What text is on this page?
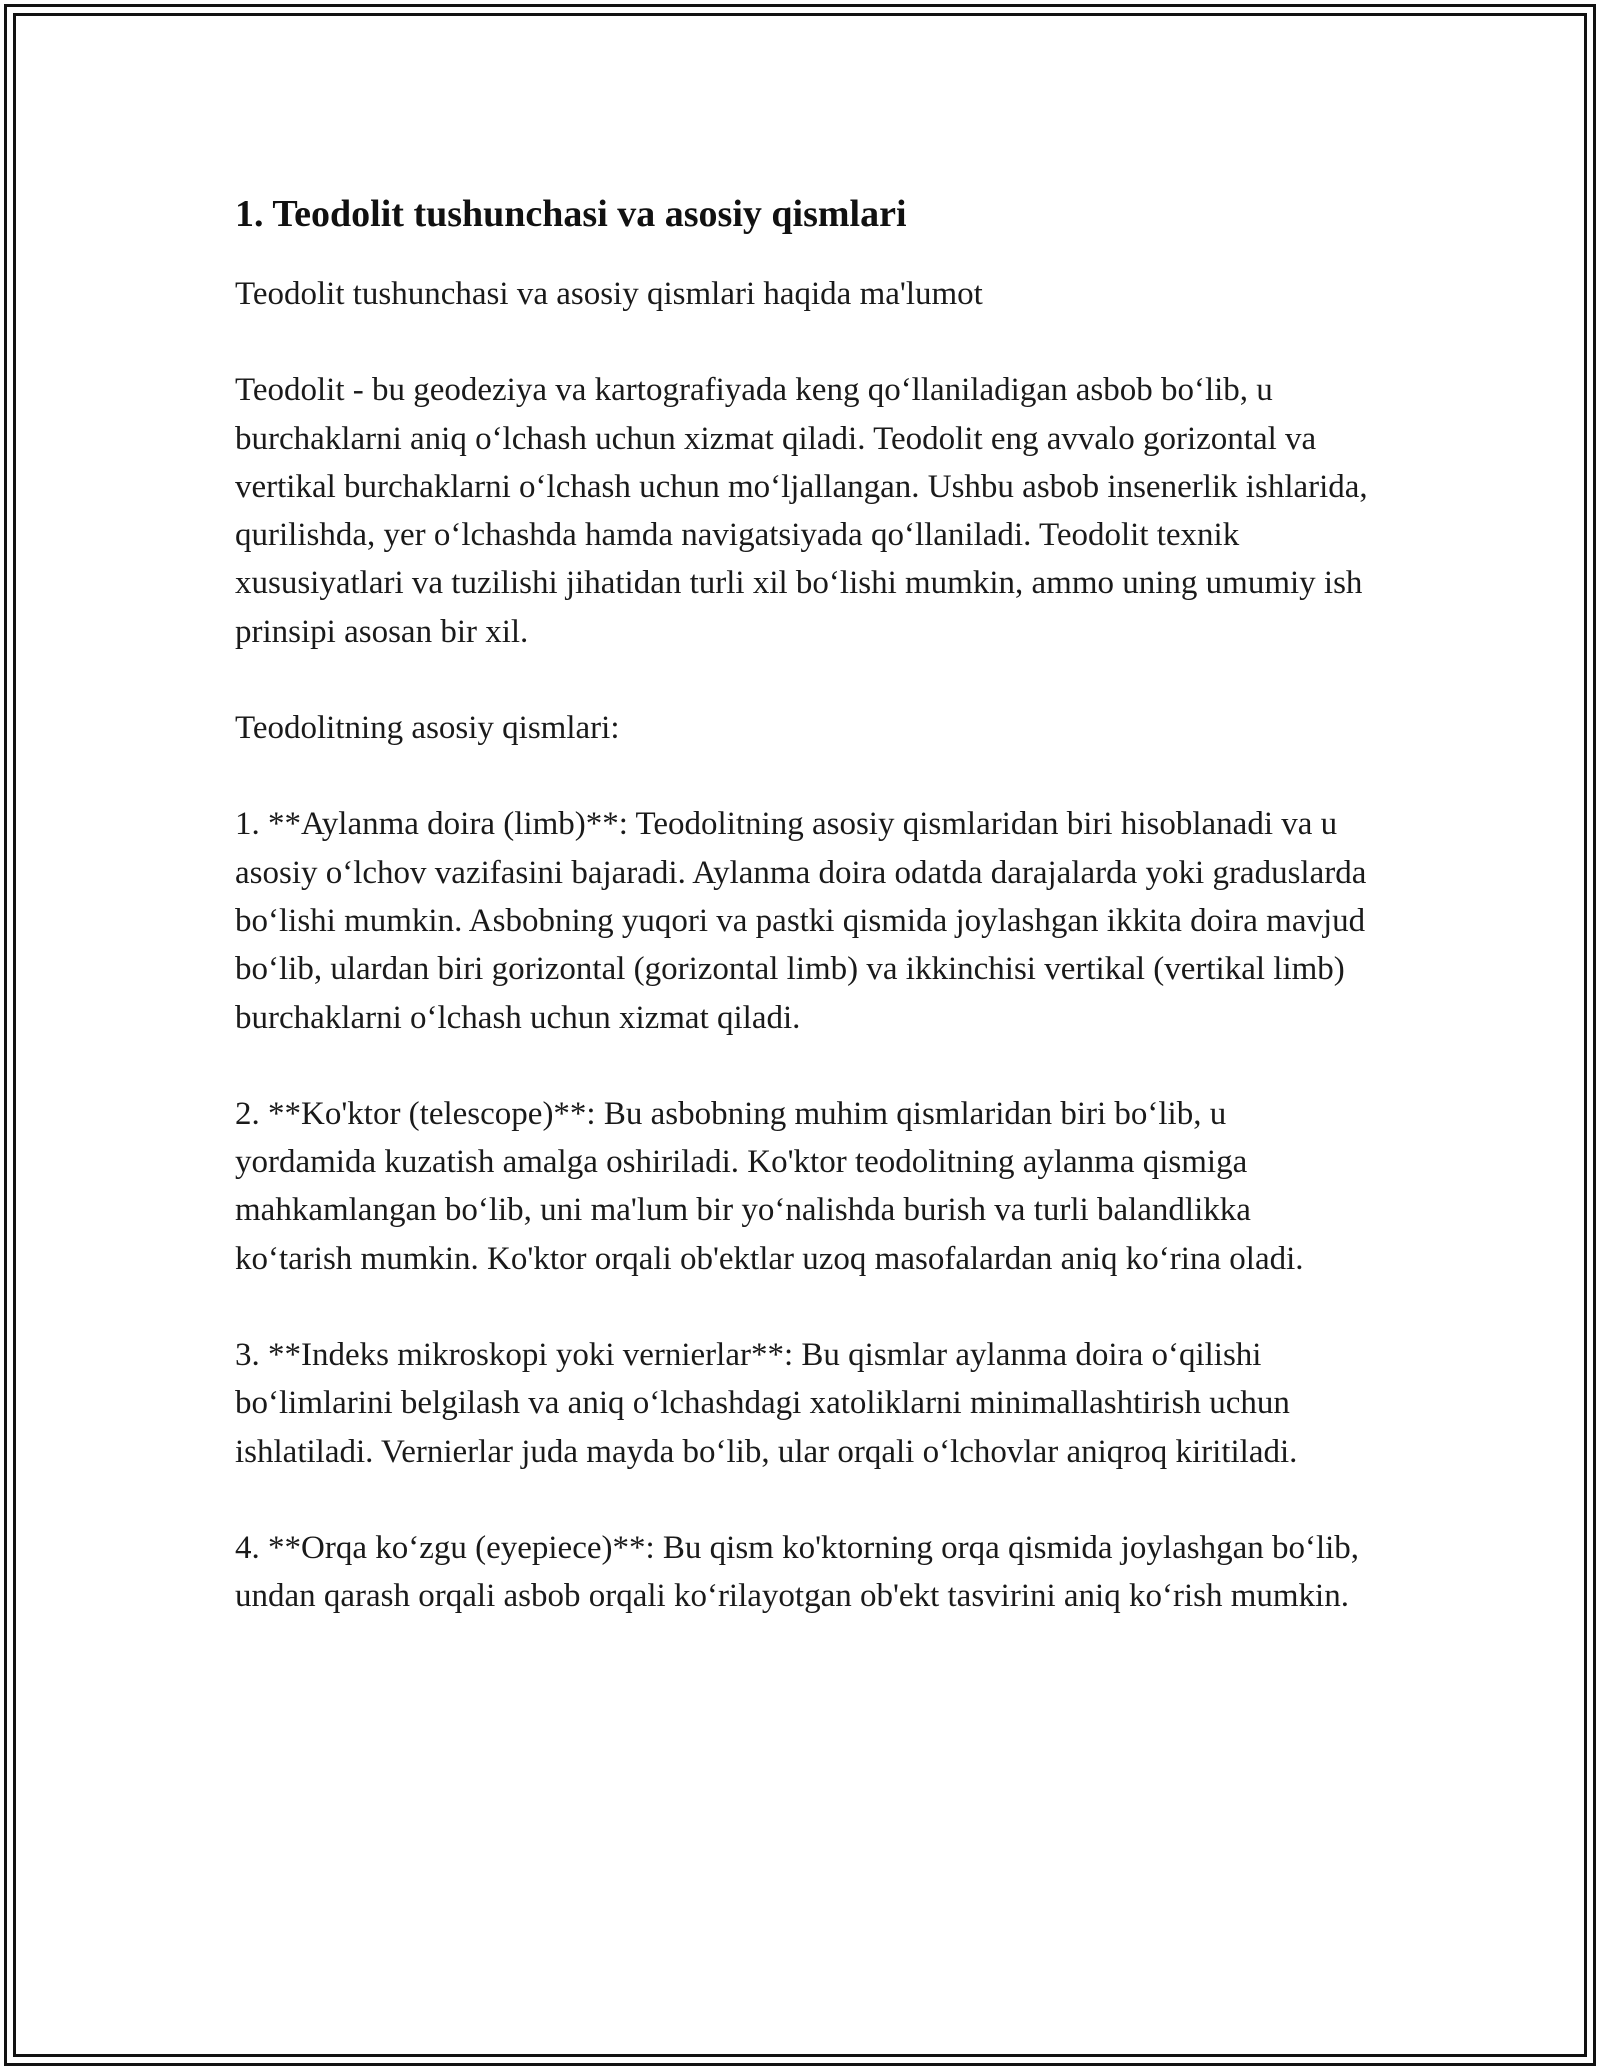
1. Teodolit tushunchasi va asosiy qismlari

Teodolit tushunchasi va asosiy qismlari haqida ma'lumot

Teodolit - bu geodeziya va kartografiyada keng qo‘llaniladigan asbob bo‘lib, u burchaklarni aniq o‘lchash uchun xizmat qiladi. Teodolit eng avvalo gorizontal va vertikal burchaklarni o‘lchash uchun mo‘ljallangan. Ushbu asbob insenerlik ishlarida, qurilishda, yer o‘lchashda hamda navigatsiyada qo‘llaniladi. Teodolit texnik xususiyatlari va tuzilishi jihatidan turli xil bo‘lishi mumkin, ammo uning umumiy ish prinsipi asosan bir xil.

Teodolitning asosiy qismlari:

1. **Aylanma doira (limb)**: Teodolitning asosiy qismlaridan biri hisoblanadi va u asosiy o‘lchov vazifasini bajaradi. Aylanma doira odatda darajalarda yoki graduslarda bo‘lishi mumkin. Asbobning yuqori va pastki qismida joylashgan ikkita doira mavjud bo‘lib, ulardan biri gorizontal (gorizontal limb) va ikkinchisi vertikal (vertikal limb) burchaklarni o‘lchash uchun xizmat qiladi.

2. **Ko'ktor (telescope)**: Bu asbobning muhim qismlaridan biri bo‘lib, u yordamida kuzatish amalga oshiriladi. Ko'ktor teodolitning aylanma qismiga mahkamlangan bo‘lib, uni ma'lum bir yo‘nalishda burish va turli balandlikka ko‘tarish mumkin. Ko'ktor orqali ob'ektlar uzoq masofalardan aniq ko‘rina oladi.

3. **Indeks mikroskopi yoki vernierlar**: Bu qismlar aylanma doira o‘qilishi bo‘limlarini belgilash va aniq o‘lchashdagi xatoliklarni minimallashtirish uchun ishlatiladi. Vernierlar juda mayda bo‘lib, ular orqali o‘lchovlar aniqroq kiritiladi.

4. **Orqa ko‘zgu (eyepiece)**: Bu qism ko'ktorning orqa qismida joylashgan bo‘lib, undan qarash orqali asbob orqali ko‘rilayotgan ob'ekt tasvirini aniq ko‘rish mumkin.
